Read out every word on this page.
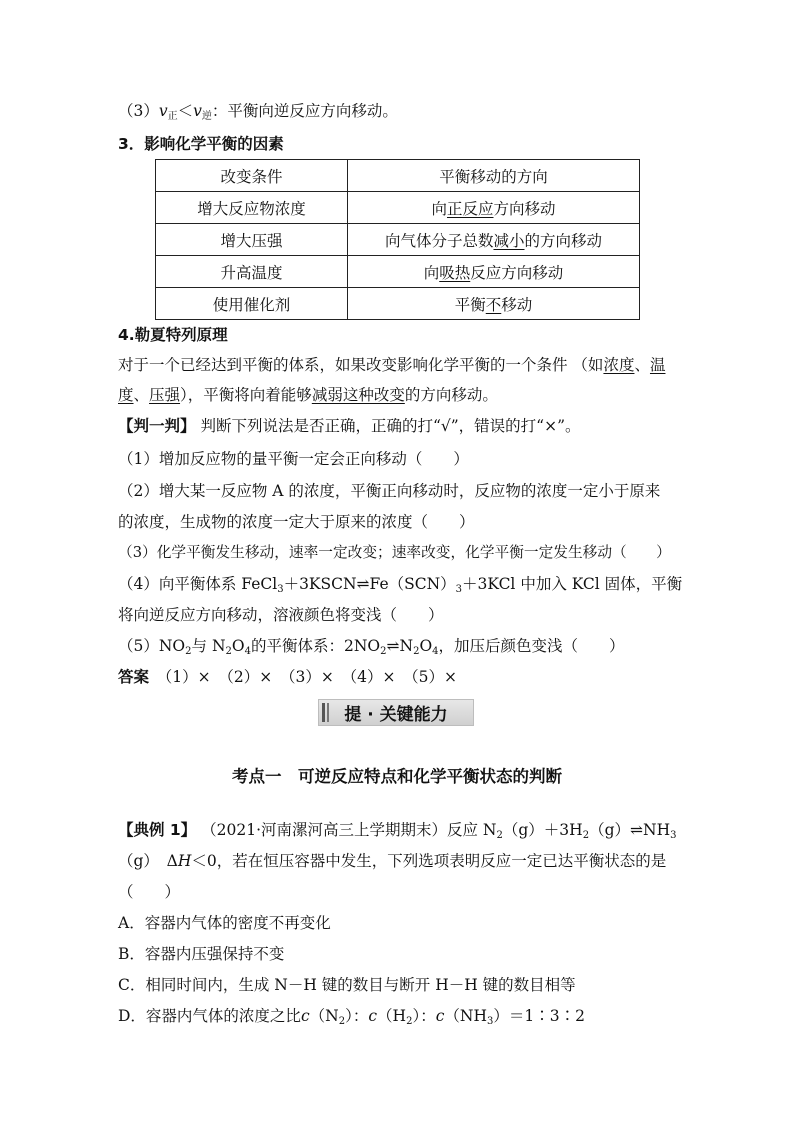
$(3)v_正<v_逆$：平衡向逆反应方向移动。
3．影响化学平衡的因素
改变条件	平衡移动的方向
增大反应物浓度	向正反应方向移动
增大压强	向气体分子总数减小的方向移动
升高温度	向吸热反应方向移动
使用催化剂	平衡不移动
4.勒夏特列原理
对于一个已经达到平衡的体系，如果改变影响化学平衡的一个条件 （如浓度、温
度、压强），平衡将向着能够减弱这种改变的方向移动。
【判一判】 判断下列说法是否正确，正确的打“√”，错误的打“×”。
（1）增加反应物的量平衡一定会正向移动（　　）
（2）增大某一反应物 A 的浓度，平衡正向移动时，反应物的浓度一定小于原来
的浓度，生成物的浓度一定大于原来的浓度（　　）
（3）化学平衡发生移动，速率一定改变；速率改变，化学平衡一定发生移动（　　）
（4）向平衡体系 $FeCl_3+3KSCN\rightleftharpoons Fe(SCN)_3+3KCl$ 中加入 KCl 固体，平衡
将向逆反应方向移动，溶液颜色将变浅（　　）
$(5)NO_2$与 $N_2O_4$的平衡体系：$2NO_2\rightleftharpoons N_2O_4$，加压后颜色变浅（　　）
答案　 （1）×　（2）×　（3）×　（4）×　（5）×
提 · 关键能力
考点一　可逆反应特点和化学平衡状态的判断
【典例 1】 （2021·河南漯河高三上学期期末）反应 $N_2(g)+3H_2(g)\rightleftharpoons NH_3$
（g）　ΔH＜0，若在恒压容器中发生，下列选项表明反应一定已达平衡状态的是
（　　）
A．容器内气体的密度不再变化
B．容器内压强保持不变
C．相同时间内，生成 N－H 键的数目与断开 H－H 键的数目相等
D．容器内气体的浓度之比$c(N_2)$：$c(H_2)$：$c(NH_3)=1∶3∶2$
